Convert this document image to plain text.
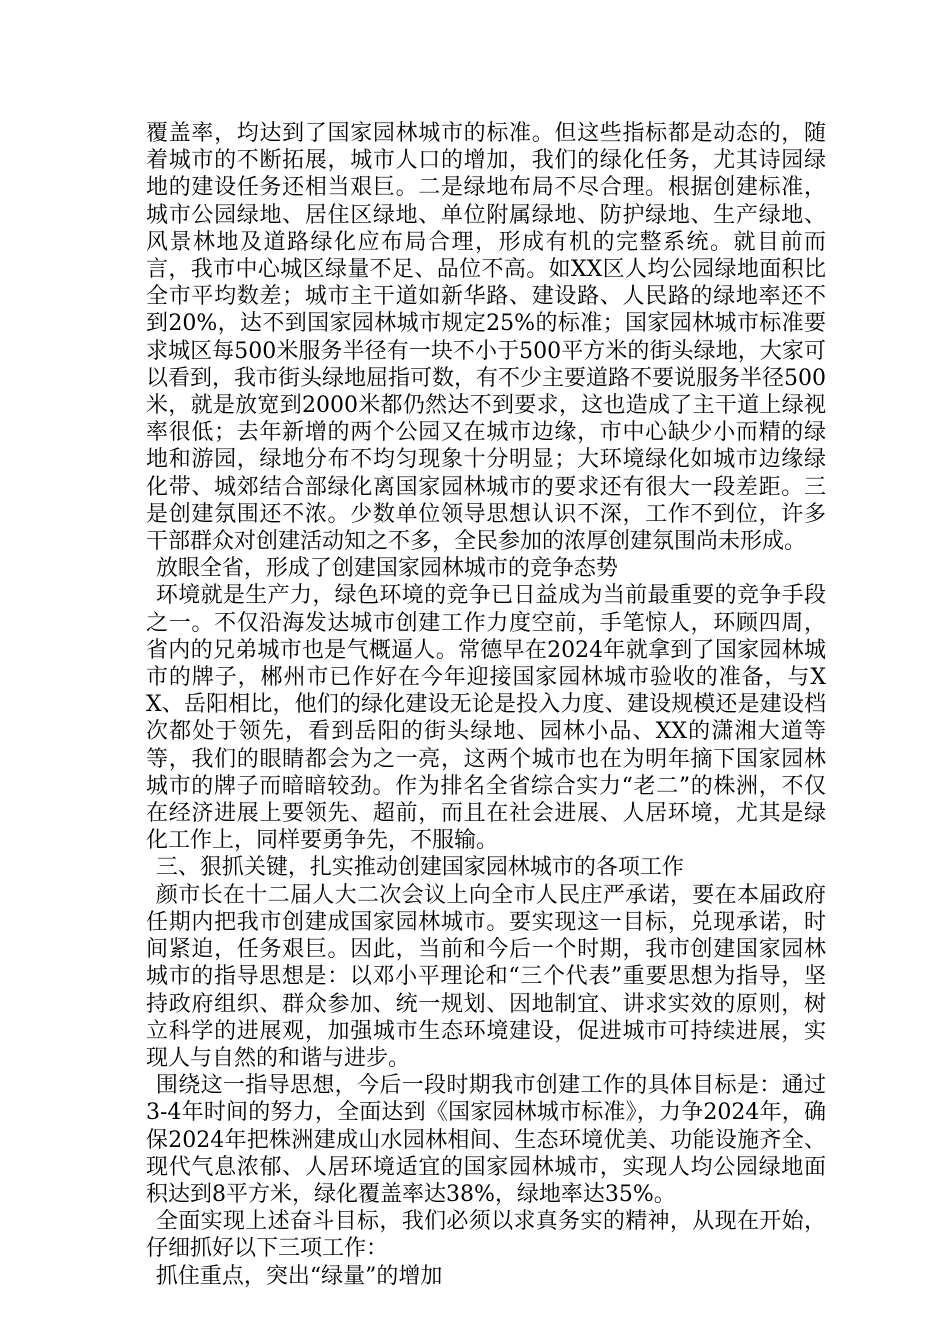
覆盖率，均达到了国家园林城市的标准。但这些指标都是动态的，随着城市的不断拓展，城市人口的增加，我们的绿化任务，尤其诗园绿地的建设任务还相当艰巨。二是绿地布局不尽合理。根据创建标准，城市公园绿地、居住区绿地、单位附属绿地、防护绿地、生产绿地、风景林地及道路绿化应布局合理，形成有机的完整系统。就目前而言，我市中心城区绿量不足、品位不高。如XX区人均公园绿地面积比全市平均数差；城市主干道如新华路、建设路、人民路的绿地率还不到20%，达不到国家园林城市规定25%的标准；国家园林城市标准要求城区每500米服务半径有一块不小于500平方米的街头绿地，大家可以看到，我市街头绿地屈指可数，有不少主要道路不要说服务半径500米，就是放宽到2000米都仍然达不到要求，这也造成了主干道上绿视率很低；去年新增的两个公园又在城市边缘，市中心缺少小而精的绿地和游园，绿地分布不均匀现象十分明显；大环境绿化如城市边缘绿化带、城郊结合部绿化离国家园林城市的要求还有很大一段差距。三是创建氛围还不浓。少数单位领导思想认识不深，工作不到位，许多干部群众对创建活动知之不多，全民参加的浓厚创建氛围尚未形成。

放眼全省，形成了创建国家园林城市的竞争态势

环境就是生产力，绿色环境的竞争已日益成为当前最重要的竞争手段之一。不仅沿海发达城市创建工作力度空前，手笔惊人，环顾四周，省内的兄弟城市也是气概逼人。常德早在2024年就拿到了国家园林城市的牌子，郴州市已作好在今年迎接国家园林城市验收的准备，与XX、岳阳相比，他们的绿化建设无论是投入力度、建设规模还是建设档次都处于领先，看到岳阳的街头绿地、园林小品、XX的潇湘大道等等，我们的眼睛都会为之一亮，这两个城市也在为明年摘下国家园林城市的牌子而暗暗较劲。作为排名全省综合实力“老二”的株洲，不仅在经济进展上要领先、超前，而且在社会进展、人居环境，尤其是绿化工作上，同样要勇争先，不服输。

三、狠抓关键，扎实推动创建国家园林城市的各项工作

颜市长在十二届人大二次会议上向全市人民庄严承诺，要在本届政府任期内把我市创建成国家园林城市。要实现这一目标，兑现承诺，时间紧迫，任务艰巨。因此，当前和今后一个时期，我市创建国家园林城市的指导思想是：以邓小平理论和“三个代表”重要思想为指导，坚持政府组织、群众参加、统一规划、因地制宜、讲求实效的原则，树立科学的进展观，加强城市生态环境建设，促进城市可持续进展，实现人与自然的和谐与进步。

围绕这一指导思想，今后一段时期我市创建工作的具体目标是：通过3-4年时间的努力，全面达到《国家园林城市标准》，力争2024年，确保2024年把株洲建成山水园林相间、生态环境优美、功能设施齐全、现代气息浓郁、人居环境适宜的国家园林城市，实现人均公园绿地面积达到8平方米，绿化覆盖率达38%，绿地率达35%。

全面实现上述奋斗目标，我们必须以求真务实的精神，从现在开始，仔细抓好以下三项工作：

抓住重点，突出“绿量”的增加
